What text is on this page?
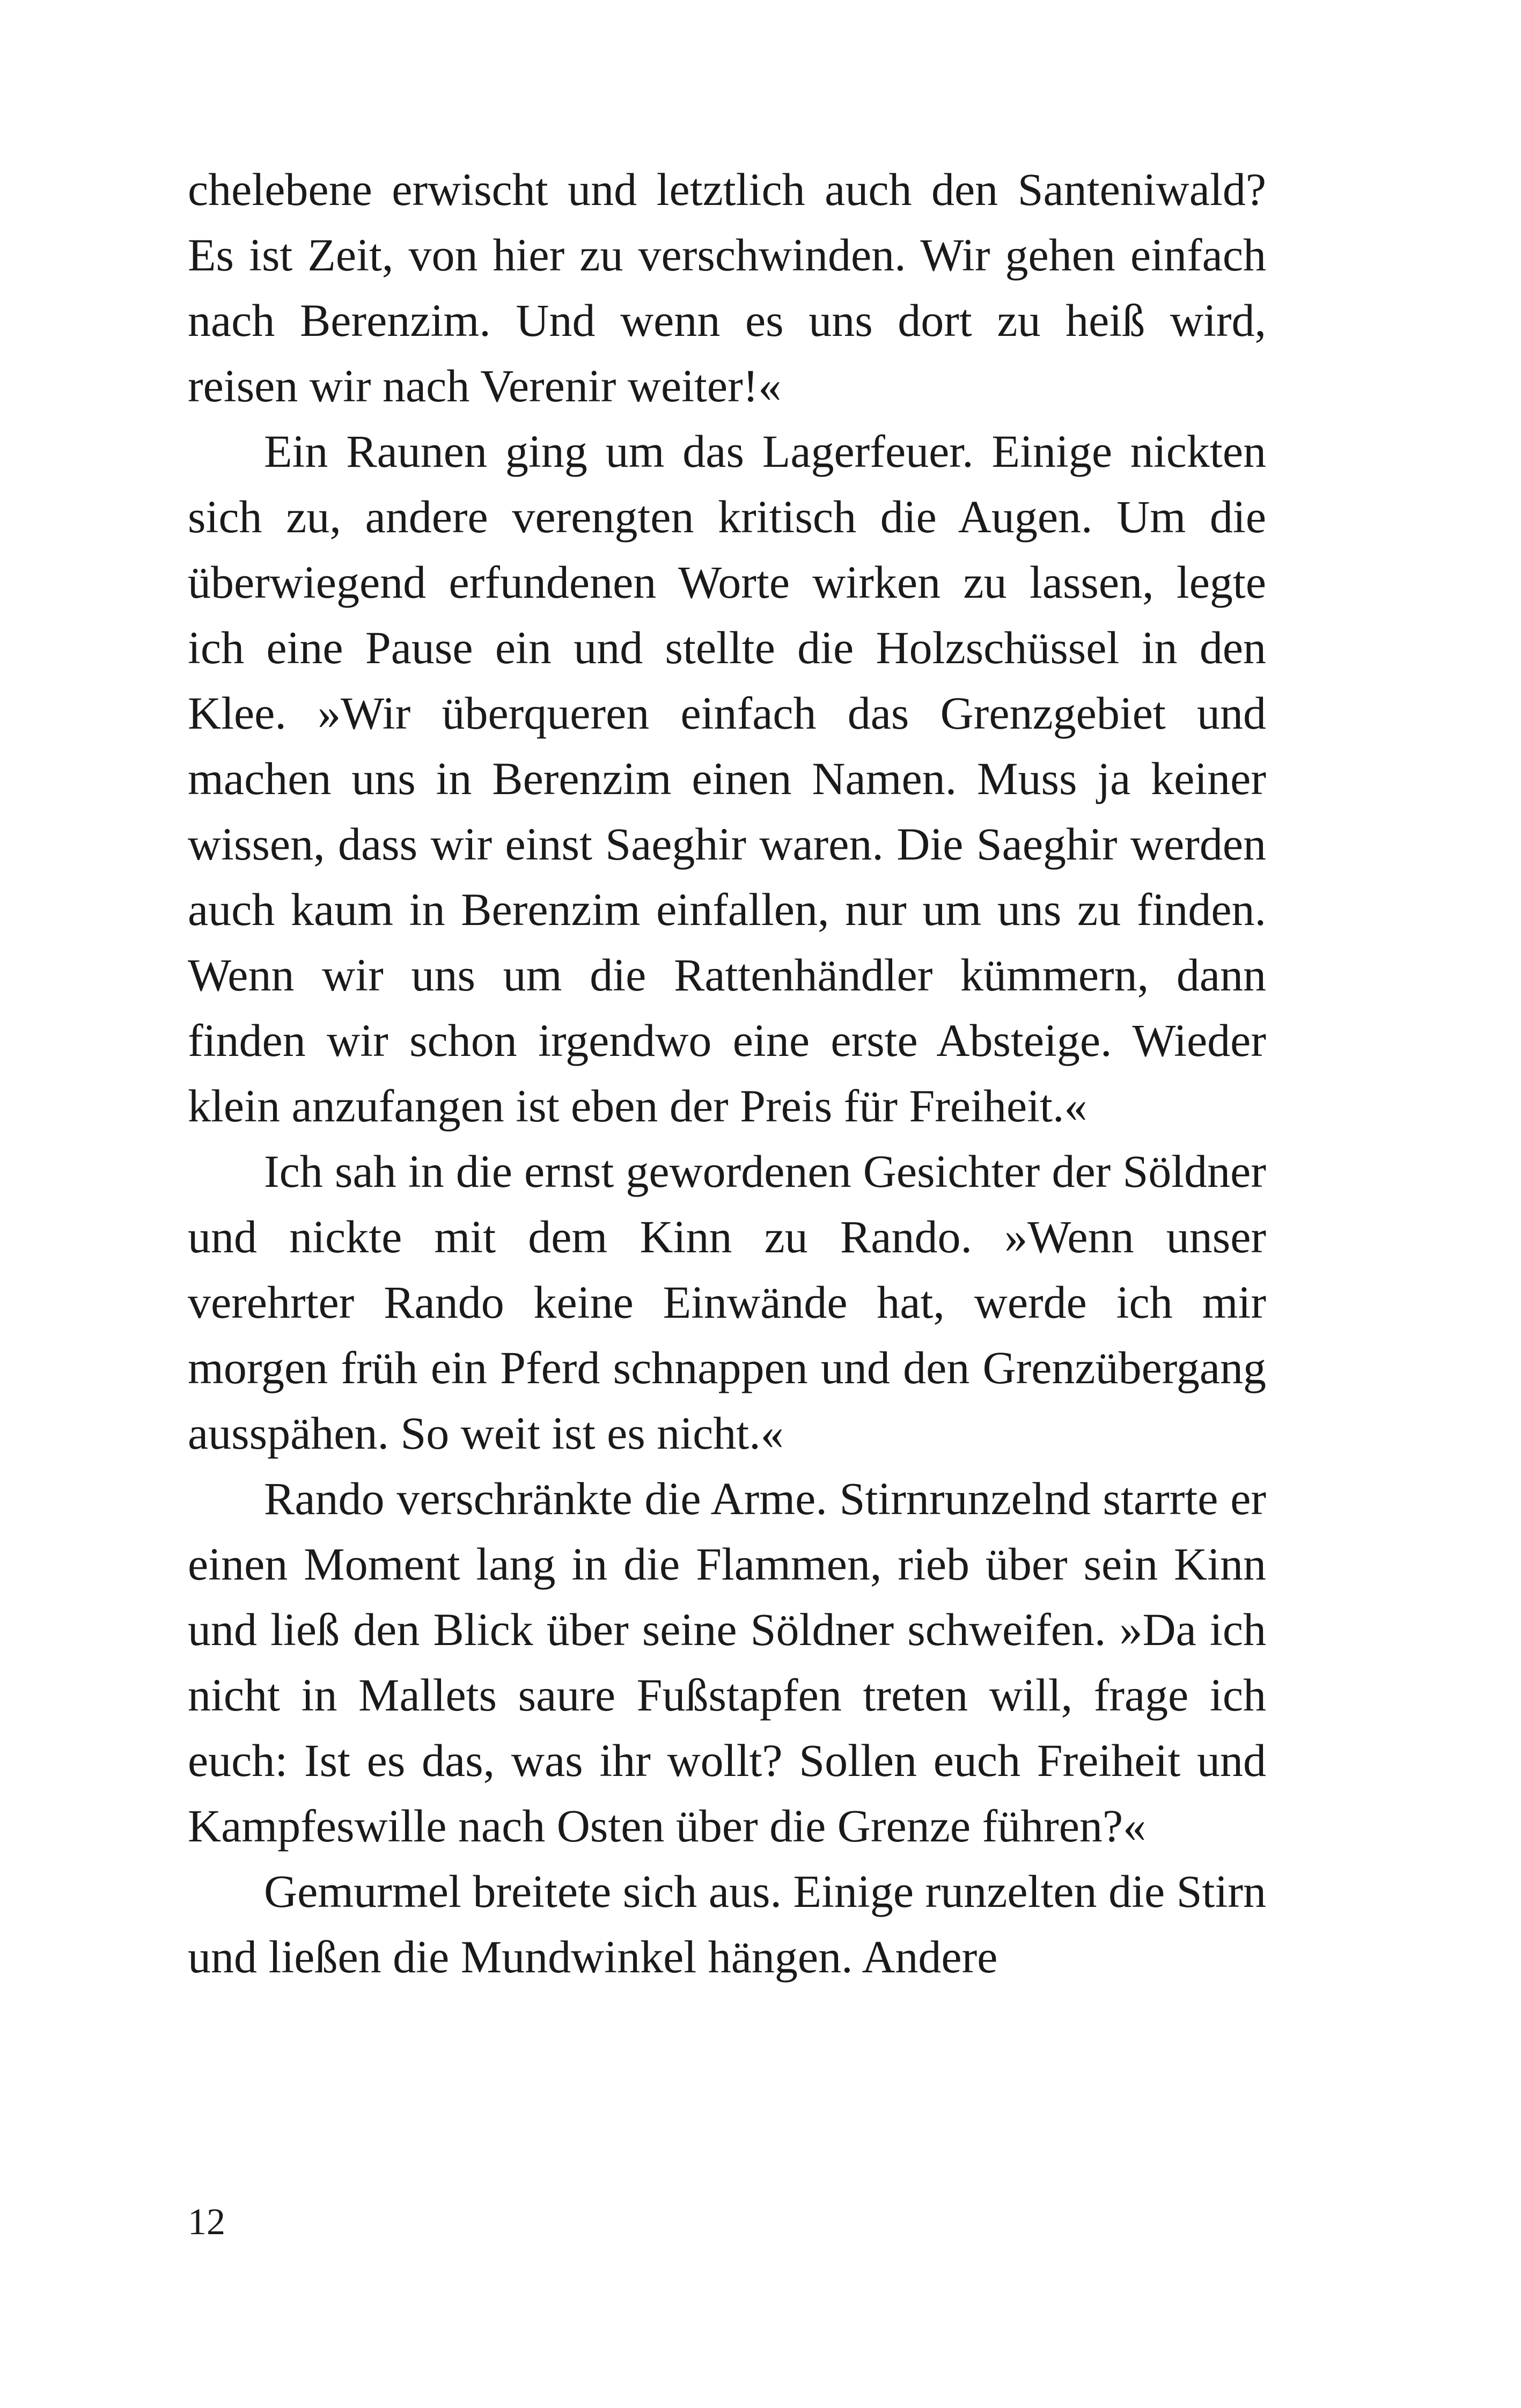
chelebene erwischt und letztlich auch den Santeniwald? Es ist Zeit, von hier zu verschwinden. Wir gehen einfach nach Berenzim. Und wenn es uns dort zu heiß wird, reisen wir nach Verenir weiter!«

Ein Raunen ging um das Lagerfeuer. Einige nickten sich zu, andere verengten kritisch die Augen. Um die überwiegend erfundenen Worte wirken zu lassen, legte ich eine Pause ein und stellte die Holzschüssel in den Klee. »Wir überqueren einfach das Grenzgebiet und machen uns in Berenzim einen Namen. Muss ja keiner wissen, dass wir einst Saeghir waren. Die Saeghir werden auch kaum in Berenzim einfallen, nur um uns zu finden. Wenn wir uns um die Rattenhändler kümmern, dann finden wir schon irgendwo eine erste Absteige. Wieder klein anzufangen ist eben der Preis für Freiheit.«

Ich sah in die ernst gewordenen Gesichter der Söldner und nickte mit dem Kinn zu Rando. »Wenn unser verehrter Rando keine Einwände hat, werde ich mir morgen früh ein Pferd schnappen und den Grenzübergang ausspähen. So weit ist es nicht.«

Rando verschränkte die Arme. Stirnrunzelnd starrte er einen Moment lang in die Flammen, rieb über sein Kinn und ließ den Blick über seine Söldner schweifen. »Da ich nicht in Mallets saure Fußstapfen treten will, frage ich euch: Ist es das, was ihr wollt? Sollen euch Freiheit und Kampfeswille nach Osten über die Grenze führen?«

Gemurmel breitete sich aus. Einige runzelten die Stirn und ließen die Mundwinkel hängen. Andere

12
